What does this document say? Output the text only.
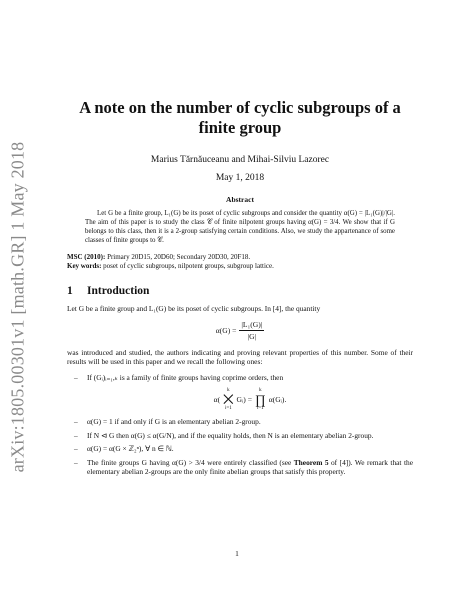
arXiv:1805.00301v1 [math.GR] 1 May 2018
A note on the number of cyclic subgroups of a
finite group
Marius Tărnăuceanu and Mihai-Silviu Lazorec
May 1, 2018
Abstract
Let G be a finite group, L₁(G) be its poset of cyclic subgroups and consider the quantity α(G) = |L₁(G)|/|G|. The aim of this paper is to study the class 𝒞 of finite nilpotent groups having α(G) = 3/4. We show that if G belongs to this class, then it is a 2-group satisfying certain conditions. Also, we study the appartenance of some classes of finite groups to 𝒞.
MSC (2010): Primary 20D15, 20D60; Secondary 20D30, 20F18.
Key words: poset of cyclic subgroups, nilpotent groups, subgroup lattice.
1 Introduction

Let G be a finite group and L₁(G) be its poset of cyclic subgroups. In [4], the quantity

$\alpha(G) = \frac{\text{|L₁(G)|}}{|G|}$

was introduced and studied, the authors indicating and proving relevant properties of this number. Some of their results will be used in this paper and we recall the following ones:

– If (Gᵢ)ᵢ₌₁,ₖ is a family of finite groups having coprime orders, then
α(
k
⨉
i=1
Gᵢ) =
k
∏
i=1
α(Gᵢ).
– α(G) = 1 if and only if G is an elementary abelian 2-group.
– If N ⊲ G then α(G) ≤ α(G/N), and if the equality holds, then N is an elementary abelian 2-group.
– α(G) = α(G × ℤ₂ⁿ), ∀ n ∈ ℕ.
– The finite groups G having α(G) > 3/4 were entirely classified (see Theorem 5 of [4]). We remark that the elementary abelian 2-groups are the only finite abelian groups that satisfy this property.
1
